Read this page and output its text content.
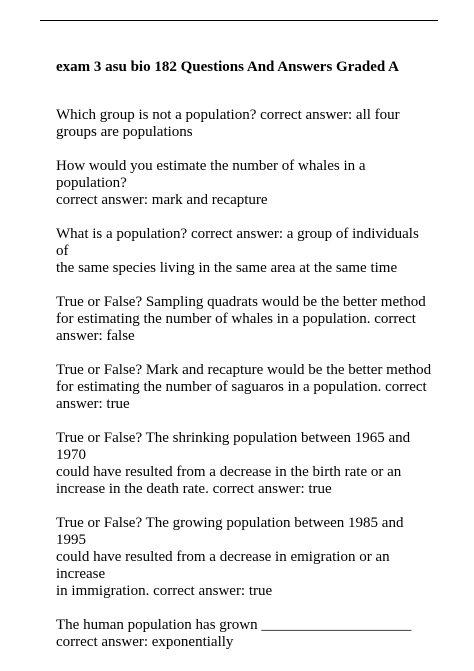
exam 3 asu bio 182 Questions And Answers Graded A
Which group is not a population? correct answer: all four
groups are populations
How would you estimate the number of whales in a population?
correct answer: mark and recapture
What is a population? correct answer: a group of individuals of
the same species living in the same area at the same time
True or False? Sampling quadrats would be the better method
for estimating the number of whales in a population. correct
answer: false
True or False? Mark and recapture would be the better method
for estimating the number of saguaros in a population. correct
answer: true
True or False? The shrinking population between 1965 and 1970
could have resulted from a decrease in the birth rate or an
increase in the death rate. correct answer: true
True or False? The growing population between 1985 and 1995
could have resulted from a decrease in emigration or an increase
in immigration. correct answer: true
The human population has grown ____________________
correct answer: exponentially
